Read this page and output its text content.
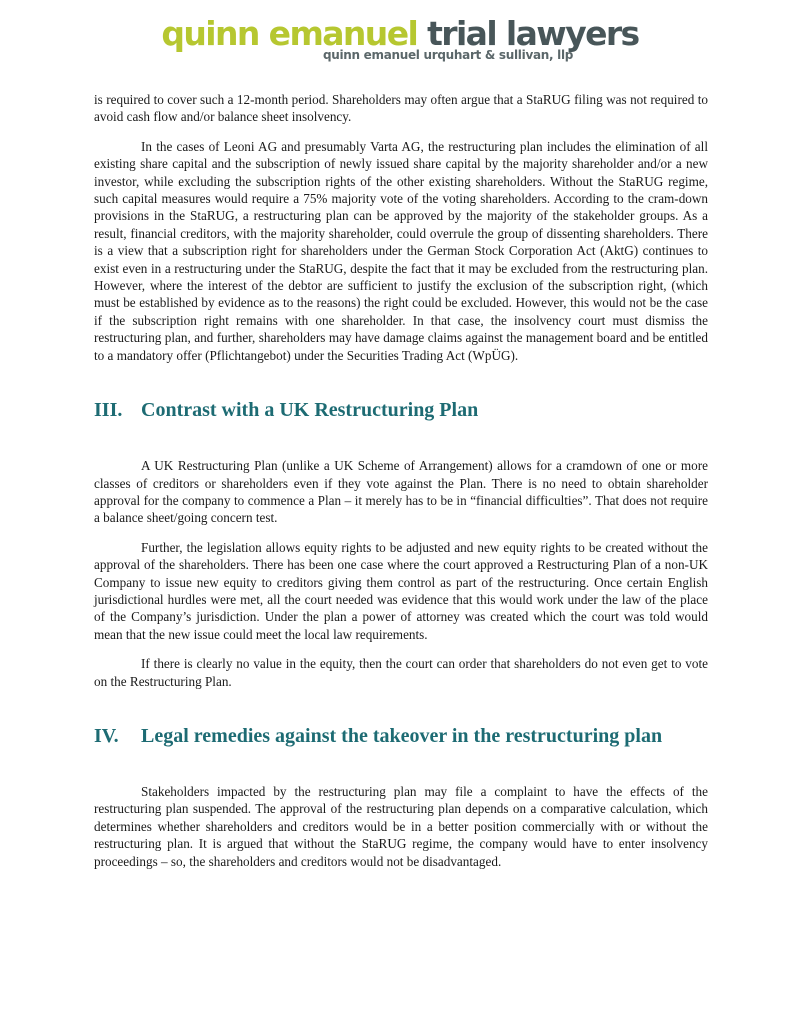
quinn emanuel trial lawyers
quinn emanuel urquhart & sullivan, llp

is required to cover such a 12-month period. Shareholders may often argue that a StaRUG filing was not required to avoid cash flow and/or balance sheet insolvency.

In the cases of Leoni AG and presumably Varta AG, the restructuring plan includes the elimination of all existing share capital and the subscription of newly issued share capital by the majority shareholder and/or a new investor, while excluding the subscription rights of the other existing shareholders. Without the StaRUG regime, such capital measures would require a 75% majority vote of the voting shareholders. According to the cram-down provisions in the StaRUG, a restructuring plan can be approved by the majority of the stakeholder groups. As a result, financial creditors, with the majority shareholder, could overrule the group of dissenting shareholders. There is a view that a subscription right for shareholders under the German Stock Corporation Act (AktG) continues to exist even in a restructuring under the StaRUG, despite the fact that it may be excluded from the restructuring plan. However, where the interest of the debtor are sufficient to justify the exclusion of the subscription right, (which must be established by evidence as to the reasons) the right could be excluded. However, this would not be the case if the subscription right remains with one shareholder. In that case, the insolvency court must dismiss the restructuring plan, and further, shareholders may have damage claims against the management board and be entitled to a mandatory offer (Pflichtangebot) under the Securities Trading Act (WpÜG).

III. Contrast with a UK Restructuring Plan

A UK Restructuring Plan (unlike a UK Scheme of Arrangement) allows for a cramdown of one or more classes of creditors or shareholders even if they vote against the Plan. There is no need to obtain shareholder approval for the company to commence a Plan – it merely has to be in “financial difficulties”. That does not require a balance sheet/going concern test.

Further, the legislation allows equity rights to be adjusted and new equity rights to be created without the approval of the shareholders. There has been one case where the court approved a Restructuring Plan of a non-UK Company to issue new equity to creditors giving them control as part of the restructuring. Once certain English jurisdictional hurdles were met, all the court needed was evidence that this would work under the law of the place of the Company’s jurisdiction. Under the plan a power of attorney was created which the court was told would mean that the new issue could meet the local law requirements.

If there is clearly no value in the equity, then the court can order that shareholders do not even get to vote on the Restructuring Plan.

IV. Legal remedies against the takeover in the restructuring plan

Stakeholders impacted by the restructuring plan may file a complaint to have the effects of the restructuring plan suspended. The approval of the restructuring plan depends on a comparative calculation, which determines whether shareholders and creditors would be in a better position commercially with or without the restructuring plan. It is argued that without the StaRUG regime, the company would have to enter insolvency proceedings – so, the shareholders and creditors would not be disadvantaged.
